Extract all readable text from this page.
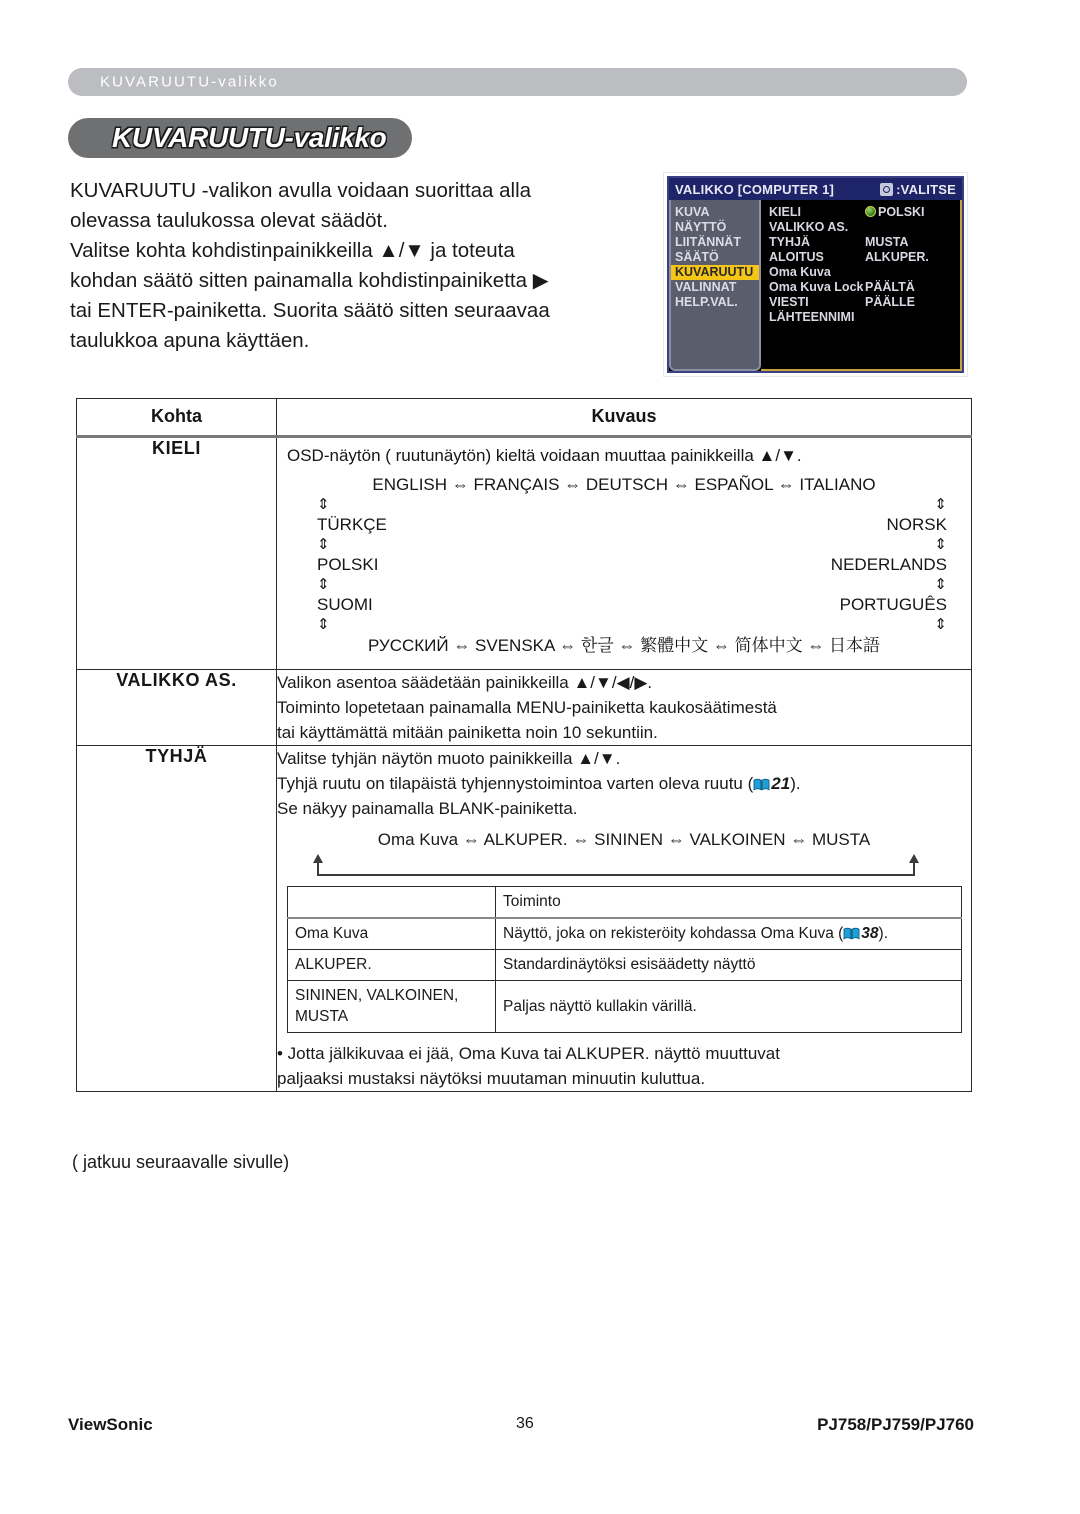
KUVARUUTU-valikko
KUVARUUTU-valikko
KUVARUUTU -valikon avulla voidaan suorittaa alla
olevassa taulukossa olevat säädöt.
Valitse kohta kohdistinpainikkeilla ▲/▼ ja toteuta
kohdan säätö sitten painamalla kohdistinpainiketta ▶
tai ENTER-painiketta. Suorita säätö sitten seuraavaa
taulukkoa apuna käyttäen.
VALIKKO [COMPUTER 1]	:VALITSE
KUVA
NÄYTTÖ
LIITÄNNÄT
SÄÄTÖ
KUVARUUTU
VALINNAT
HELP.VAL.
KIELI	POLSKI
VALIKKO AS.
TYHJÄ	MUSTA
ALOITUS	ALKUPER.
Oma Kuva
Oma Kuva Lock PÄÄLTÄ
VIESTI	PÄÄLLE
LÄHTEENNIMI
Kohta	Kuvaus
KIELI	OSD-näytön ( ruutunäytön) kieltä voidaan muuttaa painikkeilla ▲/▼.

ENGLISH ⇔ FRANÇAIS ⇔ DEUTSCH ⇔ ESPAÑOL ⇔ ITALIANO
⇕	⇕
TÜRKÇE	NORSK
⇕	⇕
POLSKI	NEDERLANDS
⇕	⇕
SUOMI	PORTUGUÊS
⇕	⇕
РУССКИЙ ⇔ SVENSKA ⇔ 한글 ⇔ 繁體中文 ⇔ 简体中文 ⇔ 日本語

VALIKKO AS.	Valikon asentoa säädetään painikkeilla ▲/▼/◀/▶.

Toiminto lopetetaan painamalla MENU-painiketta kaukosäätimestä

tai käyttämättä mitään painiketta noin 10 sekuntiin.

TYHJÄ	Valitse tyhjän näytön muoto painikkeilla ▲/▼.

Tyhjä ruutu on tilapäistä tyhjennystoimintoa varten oleva ruutu ( 21).

Se näkyy painamalla BLANK-painiketta.

Oma Kuva ⇔ ALKUPER. ⇔ SININEN ⇔ VALKOINEN ⇔ MUSTA

	Toiminto
Oma Kuva	Näyttö, joka on rekisteröity kohdassa Oma Kuva ( 38).
ALKUPER.	Standardinäytöksi esisäädetty näyttö
SININEN, VALKOINEN, MUSTA	Paljas näyttö kullakin värillä.

• Jotta jälkikuvaa ei jää, Oma Kuva tai ALKUPER. näyttö muuttuvat

paljaaksi mustaksi näytöksi muutaman minuutin kuluttua.

( jatkuu seuraavalle sivulle)
ViewSonic	36	PJ758/PJ759/PJ760
